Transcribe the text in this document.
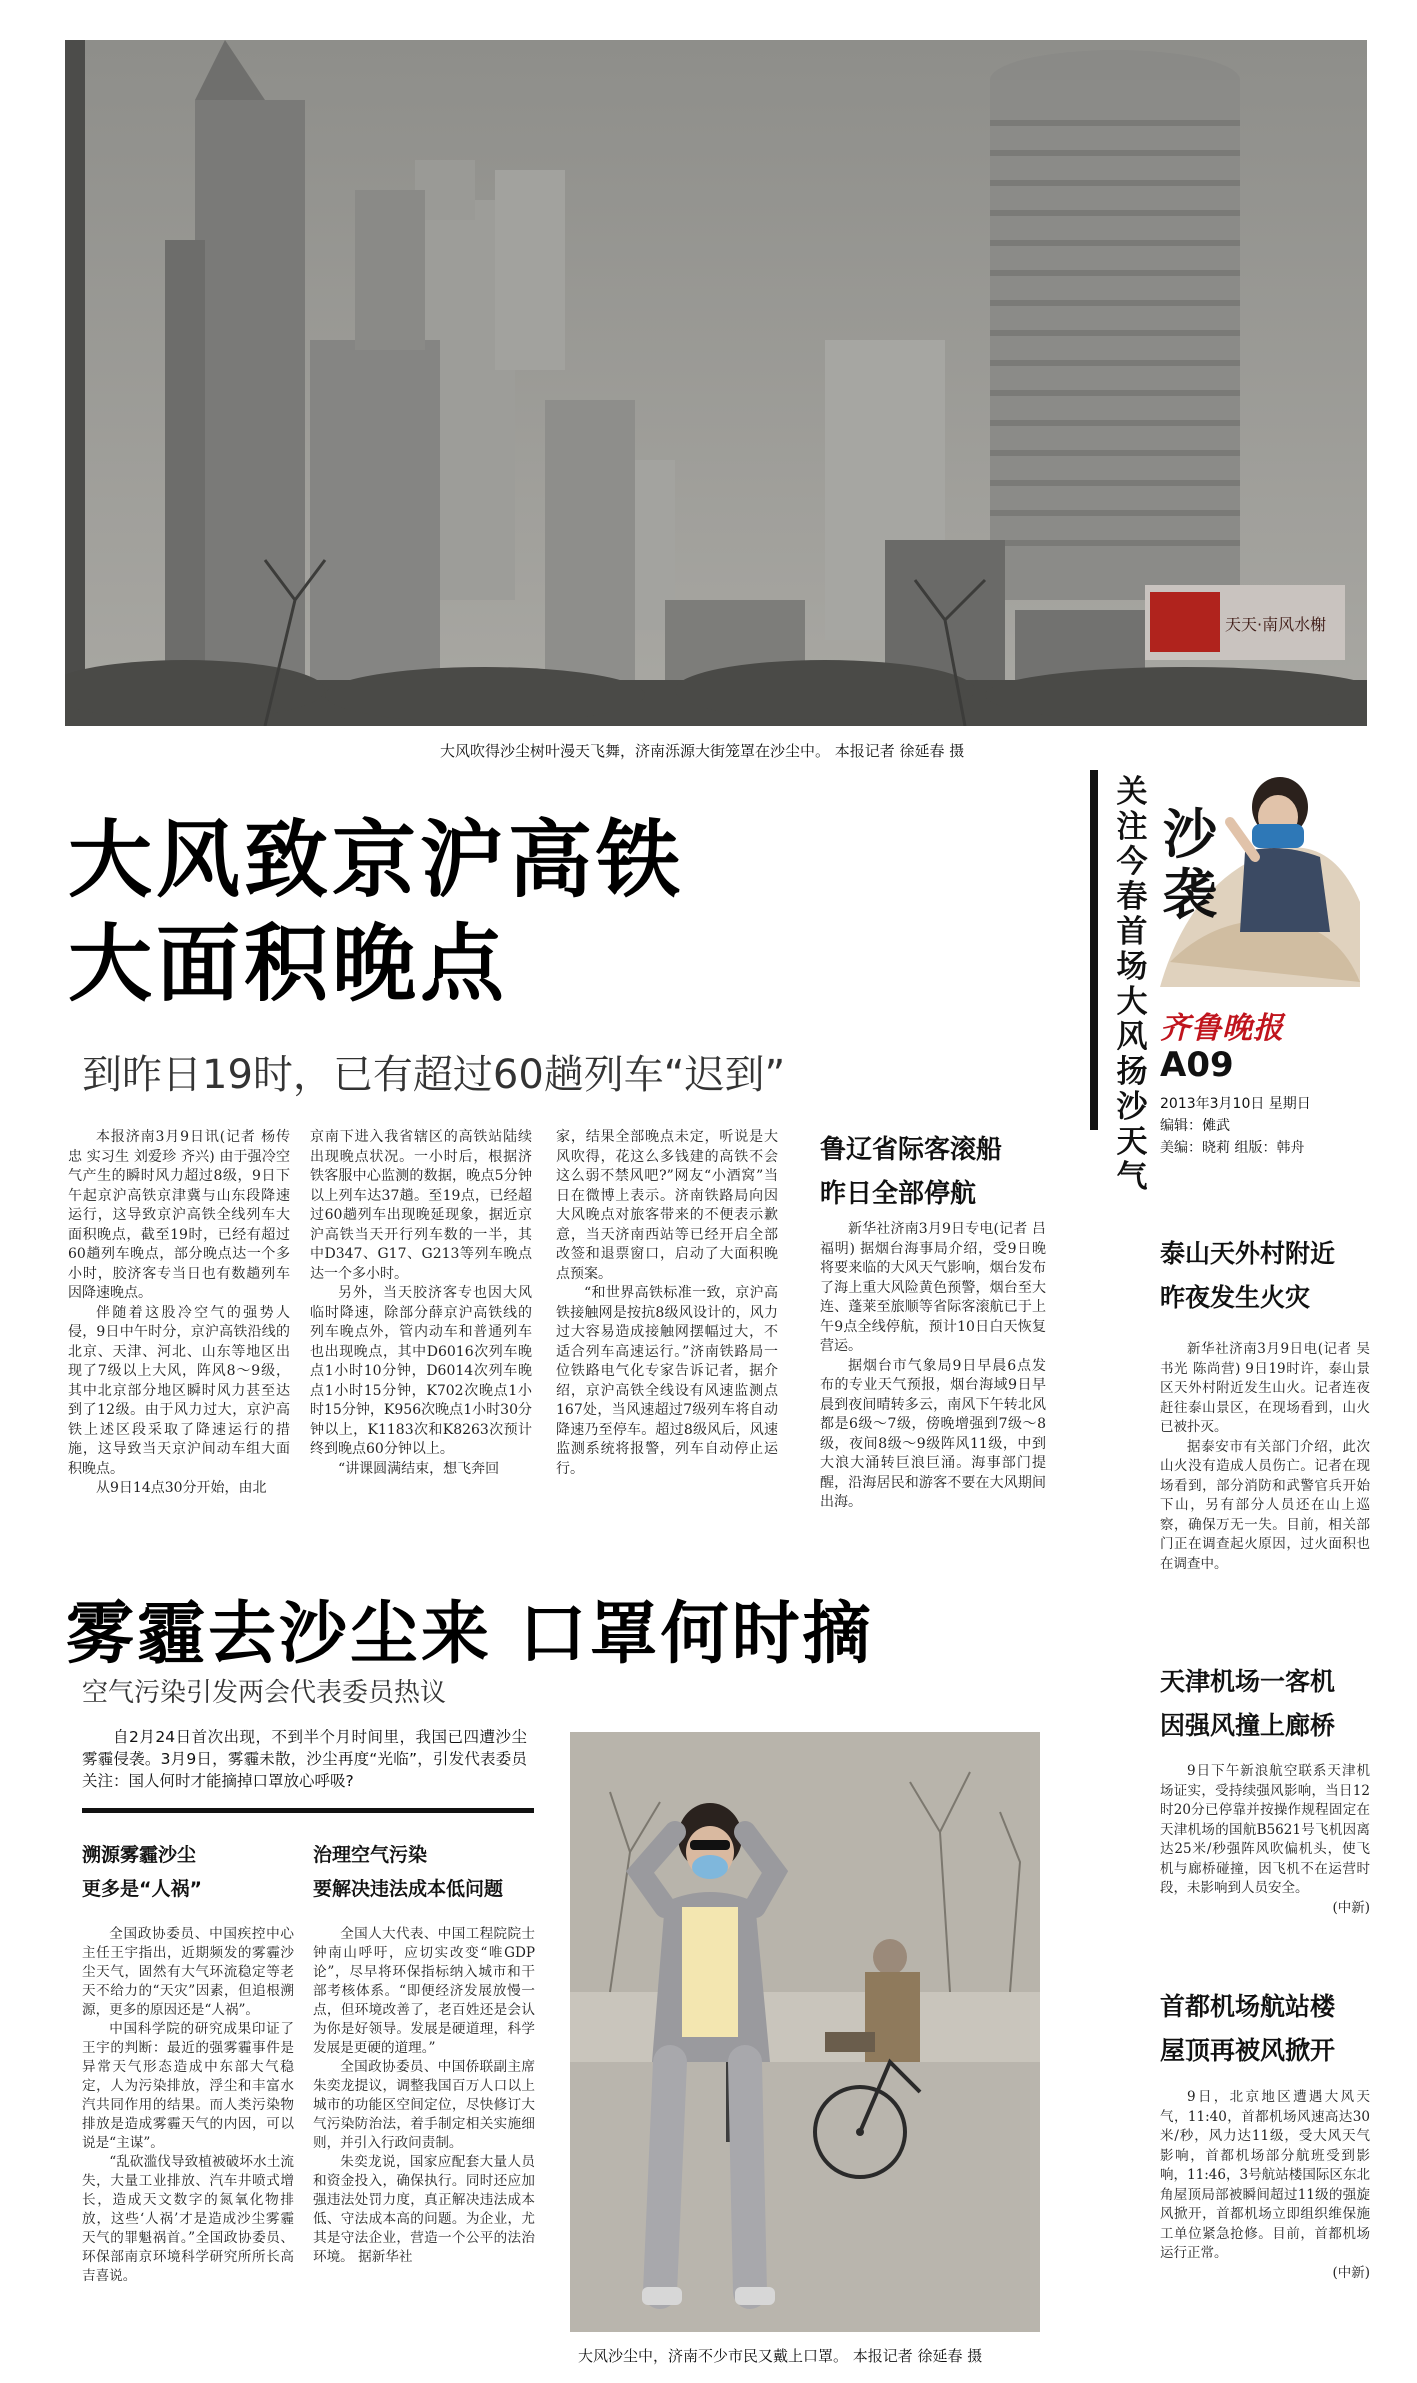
天天·南风水榭
大风吹得沙尘树叶漫天飞舞，济南泺源大街笼罩在沙尘中。 本报记者 徐延春 摄
大风致京沪高铁
大面积晚点
到昨日19时，已有超过60趟列车“迟到”

本报济南3月9日讯(记者 杨传忠 实习生 刘爱珍 齐兴) 由于强冷空气产生的瞬时风力超过8级，9日下午起京沪高铁京津冀与山东段降速运行，这导致京沪高铁全线列车大面积晚点，截至19时，已经有超过60趟列车晚点，部分晚点达一个多小时，胶济客专当日也有数趟列车因降速晚点。

伴随着这股冷空气的强势人侵，9日中午时分，京沪高铁沿线的北京、天津、河北、山东等地区出现了7级以上大风，阵风8～9级，其中北京部分地区瞬时风力甚至达到了12级。由于风力过大，京沪高铁上述区段采取了降速运行的措施，这导致当天京沪间动车组大面积晚点。

从9日14点30分开始，由北

京南下进入我省辖区的高铁站陆续出现晚点状况。一小时后，根据济铁客服中心监测的数据，晚点5分钟以上列车达37趟。至19点，已经超过60趟列车出现晚延现象，据近京沪高铁当天开行列车数的一半，其中D347、G17、G213等列车晚点达一个多小时。

另外，当天胶济客专也因大风临时降速，除部分薛京沪高铁线的列车晚点外，管内动车和普通列车也出现晚点，其中D6016次列车晚点1小时10分钟，D6014次列车晚点1小时15分钟，K702次晚点1小时15分钟，K956次晚点1小时30分钟以上，K1183次和K8263次预计终到晚点60分钟以上。

“讲课圆满结束，想飞奔回

家，结果全部晚点未定，听说是大风吹得，花这么多钱建的高铁不会这么弱不禁风吧?”网友“小酒窝”当日在微博上表示。济南铁路局向因大风晚点对旅客带来的不便表示歉意，当天济南西站等已经开启全部改签和退票窗口，启动了大面积晚点预案。

“和世界高铁标准一致，京沪高铁接触网是按抗8级风设计的，风力过大容易造成接触网摆幅过大，不适合列车高速运行。”济南铁路局一位铁路电气化专家告诉记者，据介绍，京沪高铁全线设有风速监测点167处，当风速超过7级列车将自动降速乃至停车。超过8级风后，风速监测系统将报警，列车自动停止运行。

鲁辽省际客滚船
昨日全部停航

新华社济南3月9日专电(记者 吕福明) 据烟台海事局介绍，受9日晚将要来临的大风天气影响，烟台发布了海上重大风险黄色预警，烟台至大连、蓬莱至旅顺等省际客滚航已于上午9点全线停航，预计10日白天恢复营运。

据烟台市气象局9日早晨6点发布的专业天气预报，烟台海域9日早晨到夜间晴转多云，南风下午转北风都是6级～7级，傍晚增强到7级～8级，夜间8级～9级阵风11级，中到大浪大涌转巨浪巨涌。海事部门提醒，沿海居民和游客不要在大风期间出海。

雾霾去沙尘来 口罩何时摘
空气污染引发两会代表委员热议
自2月24日首次出现，不到半个月时间里，我国已四遭沙尘雾霾侵袭。3月9日，雾霾未散，沙尘再度“光临”，引发代表委员关注：国人何时才能摘掉口罩放心呼吸?
溯源雾霾沙尘
更多是“人祸”
治理空气污染
要解决违法成本低问题

全国政协委员、中国疾控中心主任王宇指出，近期频发的雾霾沙尘天气，固然有大气环流稳定等老天不给力的“天灾”因素，但追根溯源，更多的原因还是“人祸”。

中国科学院的研究成果印证了王宇的判断：最近的强雾霾事件是异常天气形态造成中东部大气稳定，人为污染排放，浮尘和丰富水汽共同作用的结果。而人类污染物排放是造成雾霾天气的内因，可以说是“主谋”。

“乱砍滥伐导致植被破坏水土流失，大量工业排放、汽车井喷式增长，造成天文数字的氮氧化物排放，这些‘人祸’才是造成沙尘雾霾天气的罪魁祸首。”全国政协委员、环保部南京环境科学研究所所长高吉喜说。

全国人大代表、中国工程院院士钟南山呼吁，应切实改变“唯GDP论”，尽早将环保指标纳入城市和干部考核体系。“即便经济发展放慢一点，但环境改善了，老百姓还是会认为你是好领导。发展是硬道理，科学发展是更硬的道理。”

全国政协委员、中国侨联副主席朱奕龙提议，调整我国百万人口以上城市的功能区空间定位，尽快修订大气污染防治法，着手制定相关实施细则，并引入行政问责制。

朱奕龙说，国家应配套大量人员和资金投入，确保执行。同时还应加强违法处罚力度，真正解决违法成本低、守法成本高的问题。为企业，尤其是守法企业，营造一个公平的法治环境。 据新华社

大风沙尘中，济南不少市民又戴上口罩。 本报记者 徐延春 摄
关
注
今
春
首
场
大
风
扬
沙
天
气
沙
袭
齐鲁晚报
A09
2013年3月10日 星期日
编辑：傩武
美编：晓莉 组版：韩舟
泰山天外村附近
昨夜发生火灾

新华社济南3月9日电(记者 吴书光 陈尚营) 9日19时许，泰山景区天外村附近发生山火。记者连夜赶往泰山景区，在现场看到，山火已被扑灭。

据泰安市有关部门介绍，此次山火没有造成人员伤亡。记者在现场看到，部分消防和武警官兵开始下山，另有部分人员还在山上巡察，确保万无一失。目前，相关部门正在调查起火原因，过火面积也在调查中。

天津机场一客机
因强风撞上廊桥

9日下午新浪航空联系天津机场证实，受持续强风影响，当日12时20分已停靠并按操作规程固定在天津机场的国航B5621号飞机因离达25米/秒强阵风吹偏机头，使飞机与廊桥碰撞，因飞机不在运营时段，未影响到人员安全。

(中新)

首都机场航站楼
屋顶再被风掀开

9日，北京地区遭遇大风天气，11:40，首都机场风速高达30米/秒，风力达11级，受大风天气影响，首都机场部分航班受到影响，11:46，3号航站楼国际区东北角屋顶局部被瞬间超过11级的强旋风掀开，首都机场立即组织维保施工单位紧急抢修。目前，首都机场运行正常。

(中新)
